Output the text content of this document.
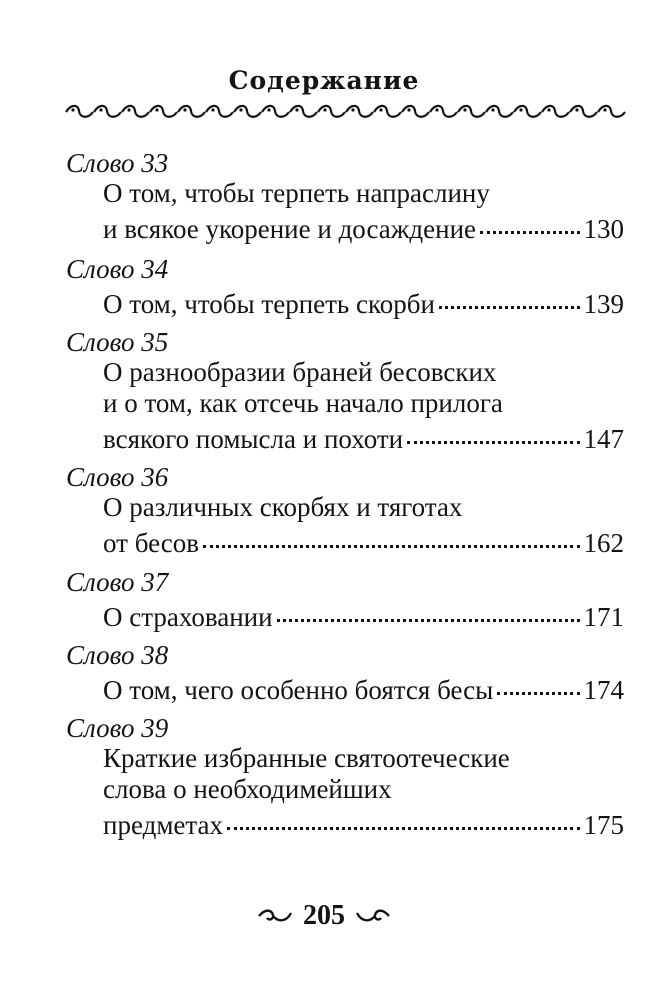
Содержание
Слово 33
О том, чтобы терпеть напраслину
и всякое укорение и досаждение	130
Слово 34
О том, чтобы терпеть скорби	139
Слово 35
О разнообразии браней бесовских
и о том, как отсечь начало прилога
всякого помысла и похоти	147
Слово 36
О различных скорбях и тяготах
от бесов	162
Слово 37
О страховании	171
Слово 38
О том, чего особенно боятся бесы	174
Слово 39
Краткие избранные святоотеческие
слова о необходимейших
предметах	175
205
